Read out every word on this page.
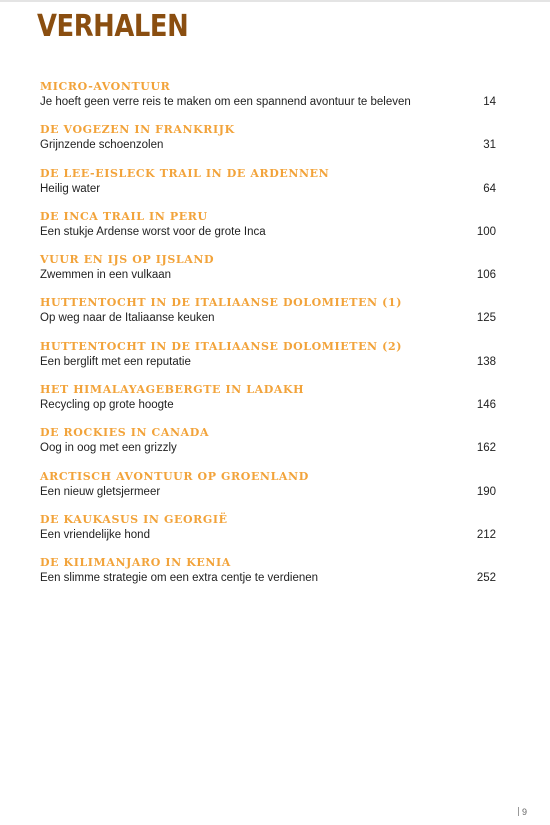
VERHALEN
MICRO-AVONTUUR
Je hoeft geen verre reis te maken om een spannend avontuur te beleven	14
DE VOGEZEN IN FRANKRIJK
Grijnzende schoenzolen	31
DE LEE-EISLECK TRAIL IN DE ARDENNEN
Heilig water	64
DE INCA TRAIL IN PERU
Een stukje Ardense worst voor de grote Inca	100
VUUR EN IJS OP IJSLAND
Zwemmen in een vulkaan	106
HUTTENTOCHT IN DE ITALIAANSE DOLOMIETEN (1)
Op weg naar de Italiaanse keuken	125
HUTTENTOCHT IN DE ITALIAANSE DOLOMIETEN (2)
Een berglift met een reputatie	138
HET HIMALAYAGEBERGTE IN LADAKH
Recycling op grote hoogte	146
DE ROCKIES IN CANADA
Oog in oog met een grizzly	162
ARCTISCH AVONTUUR OP GROENLAND
Een nieuw gletsjermeer	190
DE KAUKASUS IN GEORGIË
Een vriendelijke hond	212
DE KILIMANJARO IN KENIA
Een slimme strategie om een extra centje te verdienen	252
9
